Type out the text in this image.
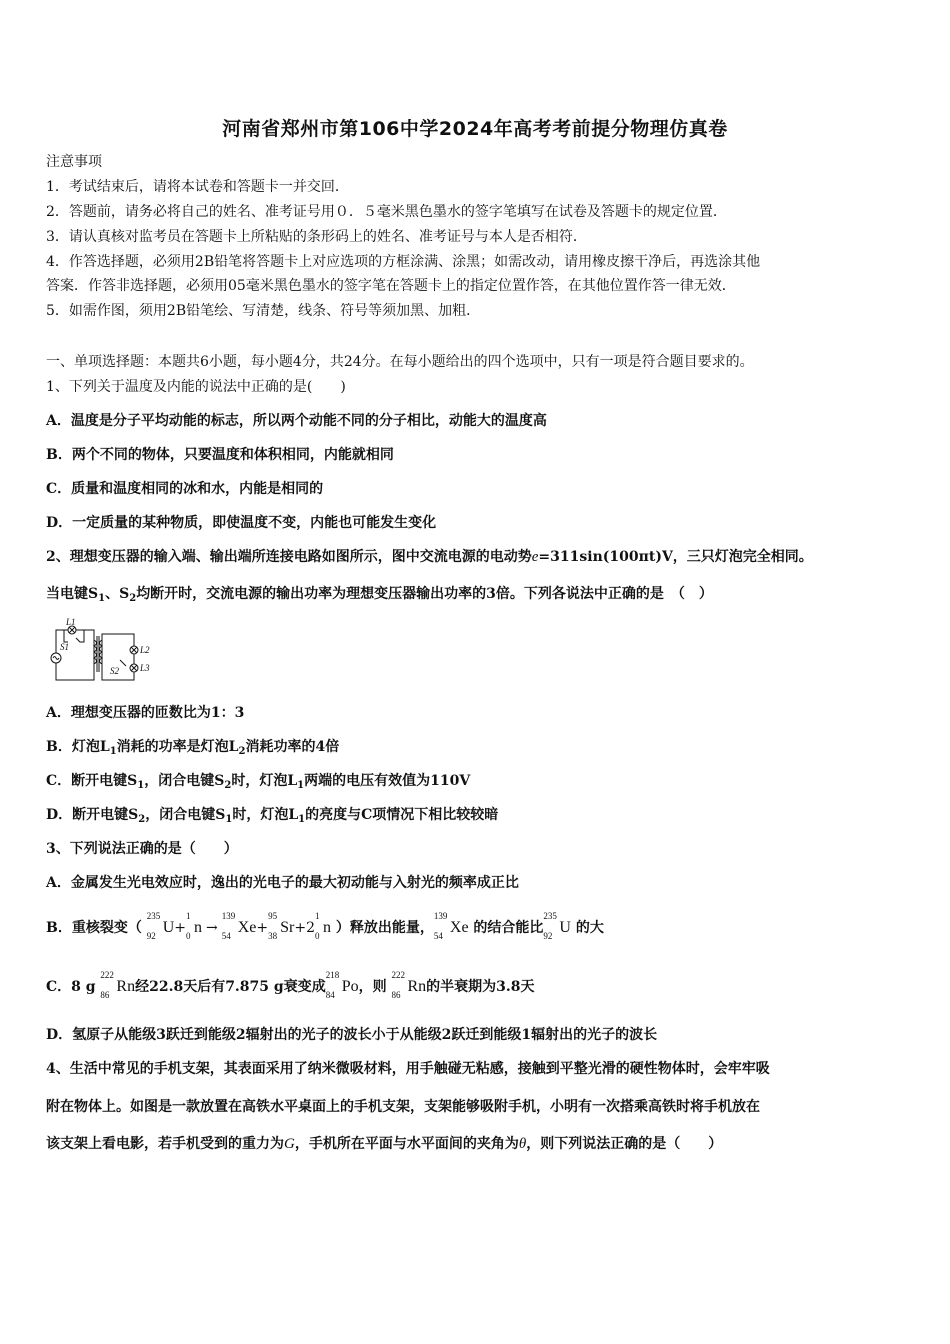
河南省郑州市第106中学2024年高考考前提分物理仿真卷
注意事项
1．考试结束后，请将本试卷和答题卡一并交回．
2．答题前，请务必将自己的姓名、准考证号用０．５毫米黑色墨水的签字笔填写在试卷及答题卡的规定位置．
3．请认真核对监考员在答题卡上所粘贴的条形码上的姓名、准考证号与本人是否相符．
4．作答选择题，必须用2B铅笔将答题卡上对应选项的方框涂满、涂黑；如需改动，请用橡皮擦干净后，再选涂其他
答案．作答非选择题，必须用05毫米黑色墨水的签字笔在答题卡上的指定位置作答，在其他位置作答一律无效．
5．如需作图，须用2B铅笔绘、写清楚，线条、符号等须加黑、加粗．
一、单项选择题：本题共6小题，每小题4分，共24分。在每小题给出的四个选项中，只有一项是符合题目要求的。
1、下列关于温度及内能的说法中正确的是(　　)
A．温度是分子平均动能的标志，所以两个动能不同的分子相比，动能大的温度高
B．两个不同的物体，只要温度和体积相同，内能就相同
C．质量和温度相同的冰和水，内能是相同的
D．一定质量的某种物质，即使温度不变，内能也可能发生变化
2、理想变压器的输入端、输出端所连接电路如图所示，图中交流电源的电动势e=311sin(100πt)V，三只灯泡完全相同。
当电键$S_1$、$S_2$均断开时，交流电源的输出功率为理想变压器输出功率的3倍。下列各说法中正确的是　（　）
L1
S1	L2
L3
S2
A．理想变压器的匝数比为1：3
B．灯泡$L_1$消耗的功率是灯泡$L_2$消耗功率的4倍
C．断开电键$S_1$，闭合电键$S_2$时，灯泡$L_1$两端的电压有效值为110V
D．断开电键$S_2$，闭合电键$S_1$时，灯泡$L_1$的亮度与C项情况下相比较较暗
3、下列说法正确的是（　　）
A．金属发生光电效应时，逸出的光电子的最大初动能与入射光的频率成正比
B．重核裂变（
235
92 U+
1
0 n →
139
54 Xe+
95
38 Sr+2
1
0 n ）释放出能量，
139
54 Xe 的结合能比
235
92 U 的大
C．8 g
222
86 Rn经22.8天后有7.875 g衰变成
218
84 Po，则
222
86 Rn的半衰期为3.8天
D．氢原子从能级3跃迁到能级2辐射出的光子的波长小于从能级2跃迁到能级1辐射出的光子的波长
4、生活中常见的手机支架，其表面采用了纳米微吸材料，用手触碰无粘感，接触到平整光滑的硬性物体时，会牢牢吸
附在物体上。如图是一款放置在高铁水平桌面上的手机支架，支架能够吸附手机，小明有一次搭乘高铁时将手机放在
该支架上看电影，若手机受到的重力为G，手机所在平面与水平面间的夹角为θ，则下列说法正确的是（　　）
